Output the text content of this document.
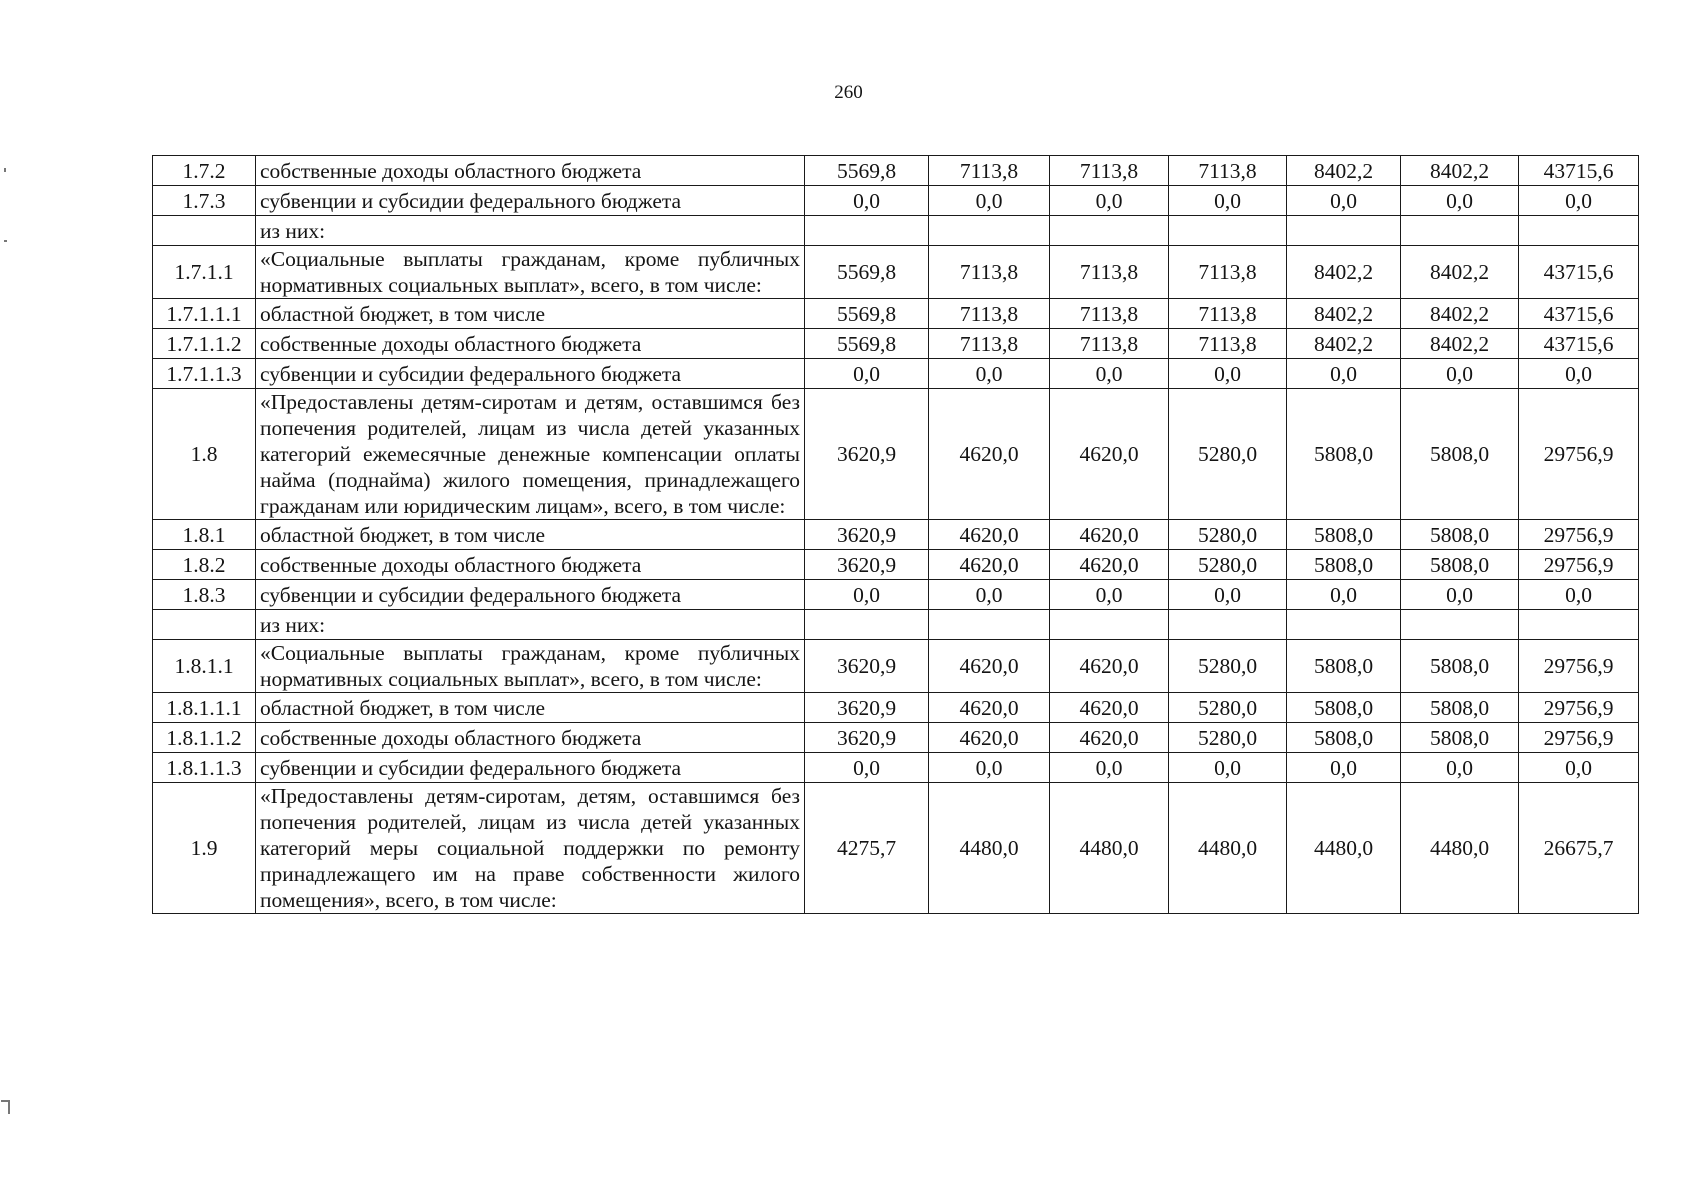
260
1.7.2	собственные доходы областного бюджета	5569,8	7113,8	7113,8	7113,8	8402,2	8402,2	43715,6
1.7.3	субвенции и субсидии федерального бюджета	0,0	0,0	0,0	0,0	0,0	0,0	0,0
	из них:							
1.7.1.1	«Социальные выплаты гражданам, кроме публичных нормативных социальных выплат», всего, в том числе:	5569,8	7113,8	7113,8	7113,8	8402,2	8402,2	43715,6
1.7.1.1.1	областной бюджет, в том числе	5569,8	7113,8	7113,8	7113,8	8402,2	8402,2	43715,6
1.7.1.1.2	собственные доходы областного бюджета	5569,8	7113,8	7113,8	7113,8	8402,2	8402,2	43715,6
1.7.1.1.3	субвенции и субсидии федерального бюджета	0,0	0,0	0,0	0,0	0,0	0,0	0,0
1.8	«Предоставлены детям-сиротам и детям, оставшимся без попечения родителей, лицам из числа детей указанных категорий ежемесячные денежные компенсации оплаты найма (поднайма) жилого помещения, принадлежащего гражданам или юридическим лицам», всего, в том числе:	3620,9	4620,0	4620,0	5280,0	5808,0	5808,0	29756,9
1.8.1	областной бюджет, в том числе	3620,9	4620,0	4620,0	5280,0	5808,0	5808,0	29756,9
1.8.2	собственные доходы областного бюджета	3620,9	4620,0	4620,0	5280,0	5808,0	5808,0	29756,9
1.8.3	субвенции и субсидии федерального бюджета	0,0	0,0	0,0	0,0	0,0	0,0	0,0
	из них:							
1.8.1.1	«Социальные выплаты гражданам, кроме публичных нормативных социальных выплат», всего, в том числе:	3620,9	4620,0	4620,0	5280,0	5808,0	5808,0	29756,9
1.8.1.1.1	областной бюджет, в том числе	3620,9	4620,0	4620,0	5280,0	5808,0	5808,0	29756,9
1.8.1.1.2	собственные доходы областного бюджета	3620,9	4620,0	4620,0	5280,0	5808,0	5808,0	29756,9
1.8.1.1.3	субвенции и субсидии федерального бюджета	0,0	0,0	0,0	0,0	0,0	0,0	0,0
1.9	«Предоставлены детям-сиротам, детям, оставшимся без попечения родителей, лицам из числа детей указанных категорий меры социальной поддержки по ремонту принадлежащего им на праве собственности жилого помещения», всего, в том числе:	4275,7	4480,0	4480,0	4480,0	4480,0	4480,0	26675,7
